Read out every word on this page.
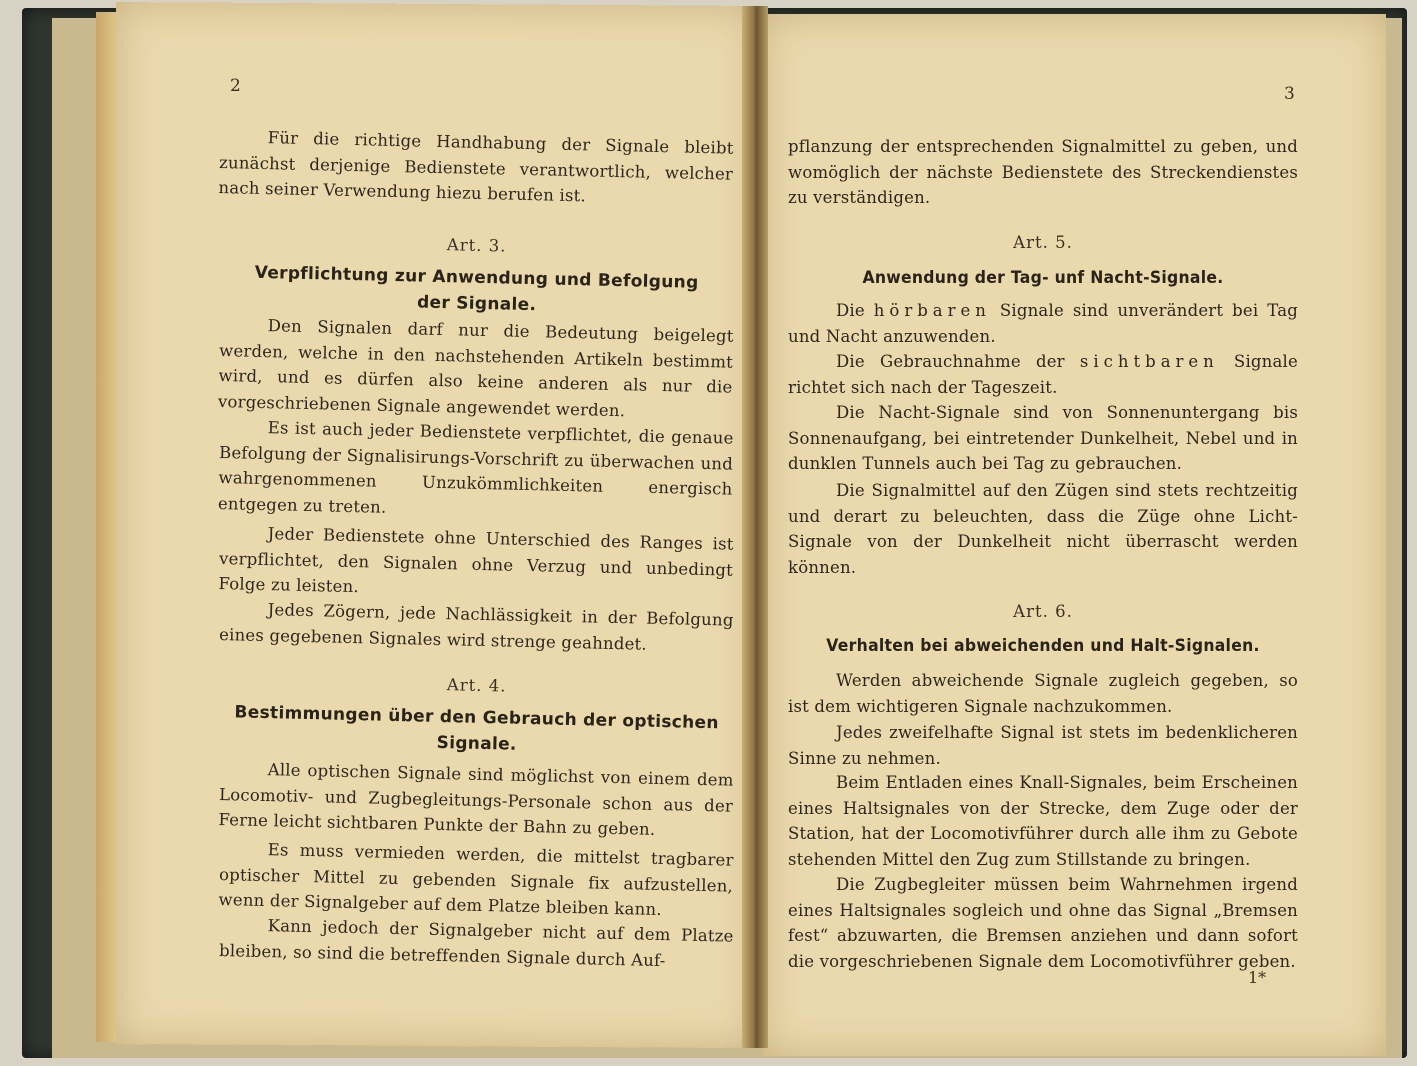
2

Für die richtige Handhabung der Signale bleibt zunächst derjenige Bedienstete verantwortlich, welcher nach seiner Verwendung hiezu berufen ist.

Art. 3.

Verpflichtung zur Anwendung und Befolgung

der Signale.

Den Signalen darf nur die Bedeutung beigelegt werden, welche in den nachstehenden Artikeln bestimmt wird, und es dürfen also keine anderen als nur die vorgeschriebenen Signale angewendet werden.

Es ist auch jeder Bedienstete verpflichtet, die genaue Befolgung der Signalisirungs-Vorschrift zu überwachen und wahrgenommenen Unzukömmlichkeiten energisch entgegen zu treten.

Jeder Bedienstete ohne Unterschied des Ranges ist verpflichtet, den Signalen ohne Verzug und unbedingt Folge zu leisten.

Jedes Zögern, jede Nachlässigkeit in der Befolgung eines gegebenen Signales wird strenge geahndet.

Art. 4.

Bestimmungen über den Gebrauch der optischen

Signale.

Alle optischen Signale sind möglichst von einem dem Locomotiv- und Zugbegleitungs-Personale schon aus der Ferne leicht sichtbaren Punkte der Bahn zu geben.

Es muss vermieden werden, die mittelst tragbarer optischer Mittel zu gebenden Signale fix aufzustellen, wenn der Signalgeber auf dem Platze bleiben kann.

Kann jedoch der Signalgeber nicht auf dem Platze bleiben, so sind die betreffenden Signale durch Auf-

3

pflanzung der entsprechenden Signalmittel zu geben, und womöglich der nächste Bedienstete des Streckendienstes zu verständigen.

Art. 5.

Anwendung der Tag- unf Nacht-Signale.

Die hörbaren Signale sind unverändert bei Tag und Nacht anzuwenden.

Die Gebrauchnahme der sichtbaren Signale richtet sich nach der Tageszeit.

Die Nacht-Signale sind von Sonnenuntergang bis Sonnenaufgang, bei eintretender Dunkelheit, Nebel und in dunklen Tunnels auch bei Tag zu gebrauchen.

Die Signalmittel auf den Zügen sind stets rechtzeitig und derart zu beleuchten, dass die Züge ohne Licht-Signale von der Dunkelheit nicht überrascht werden können.

Art. 6.

Verhalten bei abweichenden und Halt-Signalen.

Werden abweichende Signale zugleich gegeben, so ist dem wichtigeren Signale nachzukommen.

Jedes zweifelhafte Signal ist stets im bedenklicheren Sinne zu nehmen.

Beim Entladen eines Knall-Signales, beim Erscheinen eines Haltsignales von der Strecke, dem Zuge oder der Station, hat der Locomotivführer durch alle ihm zu Gebote stehenden Mittel den Zug zum Stillstande zu bringen.

Die Zugbegleiter müssen beim Wahrnehmen irgend eines Haltsignales sogleich und ohne das Signal „Bremsen fest“ abzuwarten, die Bremsen anziehen und dann sofort die vorgeschriebenen Signale dem Locomotivführer geben.

1*
